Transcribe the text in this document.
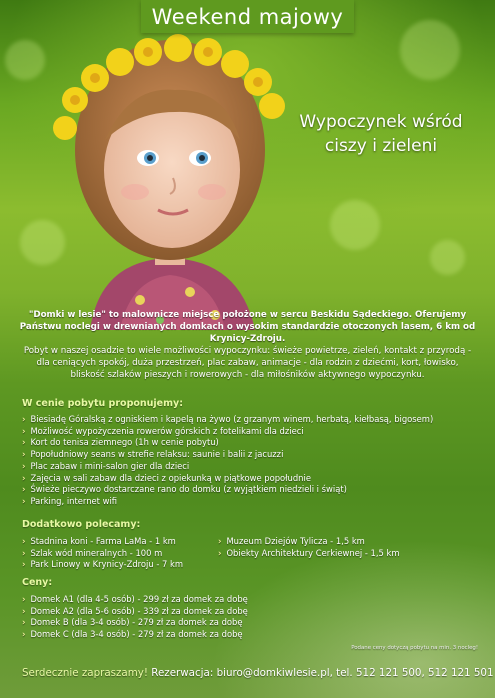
Weekend majowy
Wypoczynek wśród
ciszy i zieleni

"Domki w lesie" to malownicze miejsce położone w sercu Beskidu Sądeckiego. Oferujemy Państwu noclegi w drewnianych domkach o wysokim standardzie otoczonych lasem, 6 km od Krynicy-Zdroju.

Pobyt w naszej osadzie to wiele możliwości wypoczynku: świeże powietrze, zieleń, kontakt z przyrodą - dla ceniących spokój, duża przestrzeń, plac zabaw, animacje - dla rodzin z dziećmi, kort, łowisko, bliskość szlaków pieszych i rowerowych - dla miłośników aktywnego wypoczynku.

W cenie pobytu proponujemy:
› Biesiadę Góralską z ogniskiem i kapelą na żywo (z grzanym winem, herbatą, kiełbasą, bigosem)
› Możliwość wypożyczenia rowerów górskich z fotelikami dla dzieci
› Kort do tenisa ziemnego (1h w cenie pobytu)
› Popołudniowy seans w strefie relaksu: saunie i balii z jacuzzi
› Plac zabaw i mini-salon gier dla dzieci
› Zajęcia w sali zabaw dla dzieci z opiekunką w piątkowe popołudnie
› Świeże pieczywo dostarczane rano do domku (z wyjątkiem niedzieli i świąt)
› Parking, internet wifi
Dodatkowo polecamy:
› Stadnina koni - Farma LaMa - 1 km
› Szlak wód mineralnych - 100 m
› Park Linowy w Krynicy-Zdroju - 7 km
› Muzeum Dziejów Tylicza - 1,5 km
› Obiekty Architektury Cerkiewnej - 1,5 km
Ceny:
› Domek A1 (dla 4-5 osób) - 299 zł za domek za dobę
› Domek A2 (dla 5-6 osób) - 339 zł za domek za dobę
› Domek B (dla 3-4 osób) - 279 zł za domek za dobę
› Domek C (dla 3-4 osób) - 279 zł za domek za dobę
Podane ceny dotyczą pobytu na min. 3 nocleg!
Serdecznie zapraszamy! Rezerwacja: biuro@domkiwlesie.pl, tel. 512 121 500, 512 121 501
